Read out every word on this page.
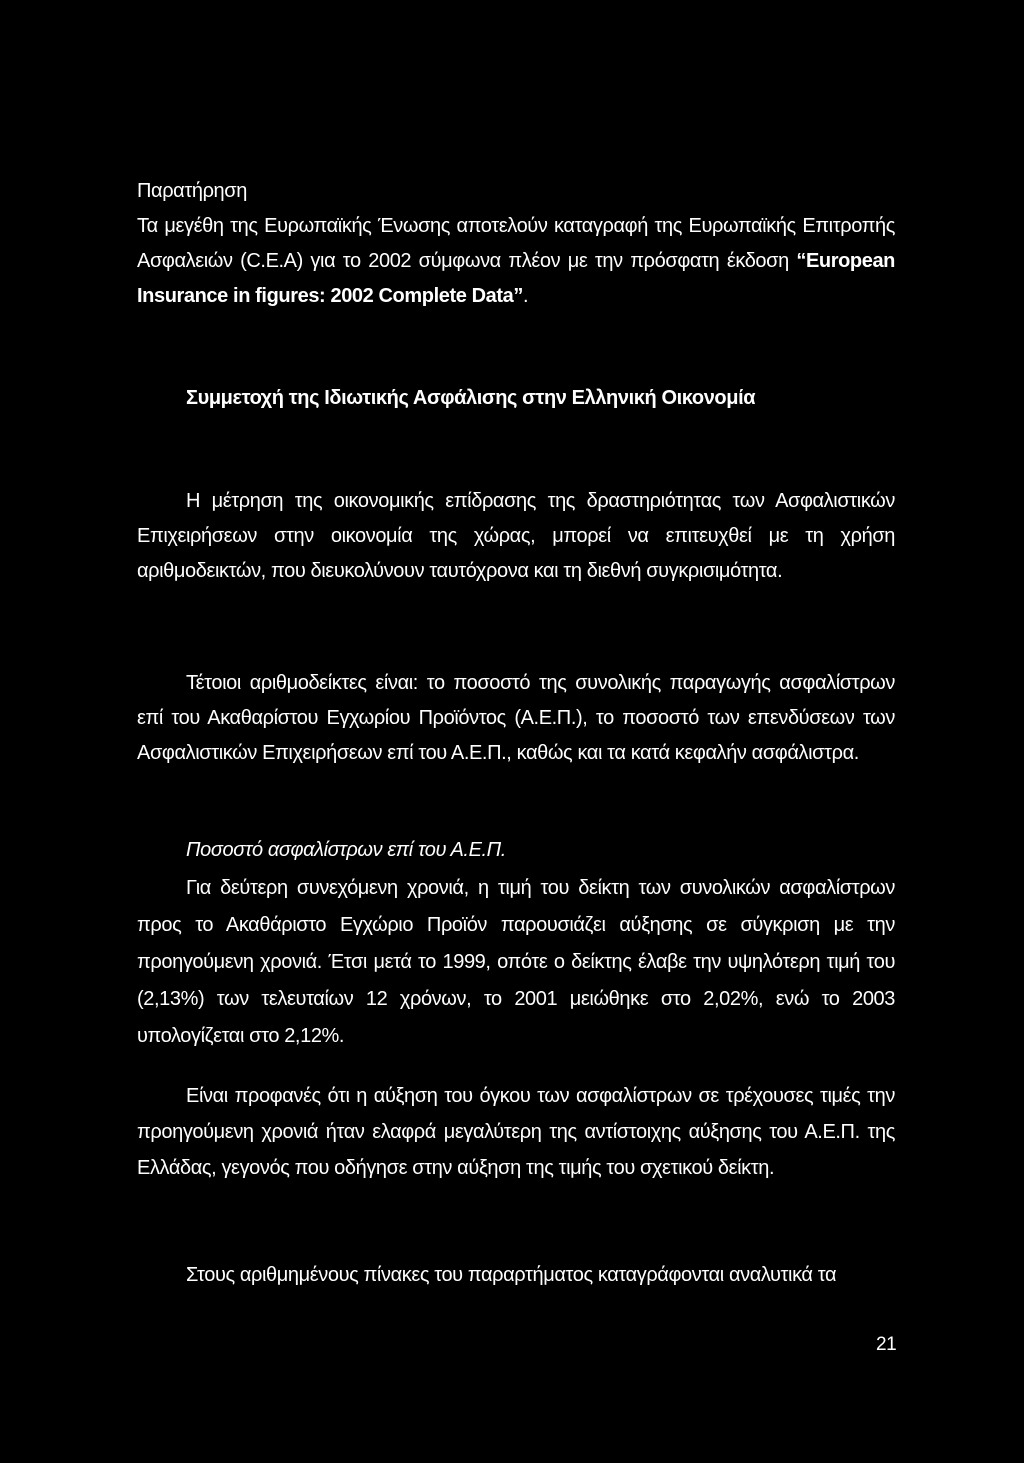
Παρατήρηση
Τα μεγέθη της Ευρωπαϊκής Ένωσης αποτελούν καταγραφή της Ευρωπαϊκής Επιτροπής Ασφαλειών (C.E.A) για το 2002 σύμφωνα πλέον με την πρόσφατη έκδοση “European Insurance in figures: 2002 Complete Data”.
Συμμετοχή της Ιδιωτικής Ασφάλισης στην Ελληνική Οικονομία

Η μέτρηση της οικονομικής επίδρασης της δραστηριότητας των Ασφαλιστικών Επιχειρήσεων στην οικονομία της χώρας, μπορεί να επιτευχθεί με τη χρήση αριθμοδεικτών, που διευκολύνουν ταυτόχρονα και τη διεθνή συγκρισιμότητα.

Τέτοιοι αριθμοδείκτες είναι: το ποσοστό της συνολικής παραγωγής ασφαλίστρων επί του Ακαθαρίστου Εγχωρίου Προϊόντος (Α.Ε.Π.), το ποσοστό των επενδύσεων των Ασφαλιστικών Επιχειρήσεων επί του Α.Ε.Π., καθώς και τα κατά κεφαλήν ασφάλιστρα.

Ποσοστό ασφαλίστρων επί του Α.Ε.Π.

Για δεύτερη συνεχόμενη χρονιά, η τιμή του δείκτη των συνολικών ασφαλίστρων προς το Ακαθάριστο Εγχώριο Προϊόν παρουσιάζει αύξησης σε σύγκριση με την προηγούμενη χρονιά. Έτσι μετά το 1999, οπότε ο δείκτης έλαβε την υψηλότερη τιμή του (2,13%) των τελευταίων 12 χρόνων, το 2001 μειώθηκε στο 2,02%, ενώ το 2003 υπολογίζεται στο 2,12%.

Είναι προφανές ότι η αύξηση του όγκου των ασφαλίστρων σε τρέχουσες τιμές την προηγούμενη χρονιά ήταν ελαφρά μεγαλύτερη της αντίστοιχης αύξησης του Α.Ε.Π. της Ελλάδας, γεγονός που οδήγησε στην αύξηση της τιμής του σχετικού δείκτη.

Στους αριθμημένους πίνακες του παραρτήματος καταγράφονται αναλυτικά τα
21
